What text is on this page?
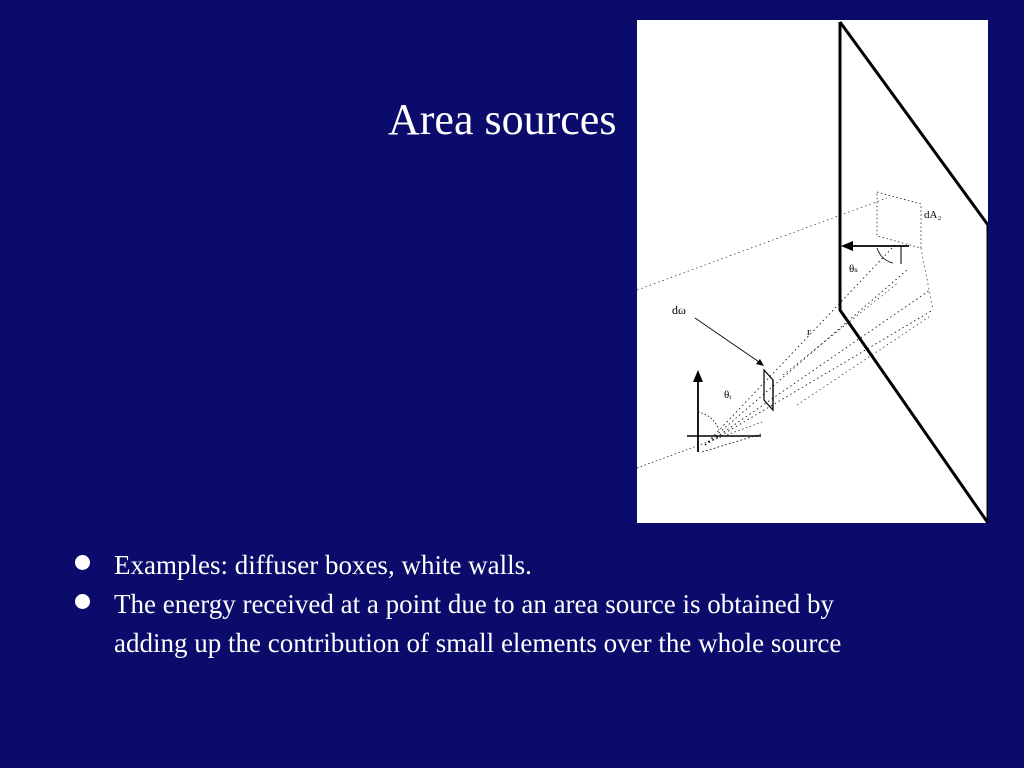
Area sources
dA₂
θₛ
dω
r
θᵢ
Examples: diffuser boxes, white walls.
The energy received at a point due to an area source is obtained by adding up the contribution of small elements over the whole source
